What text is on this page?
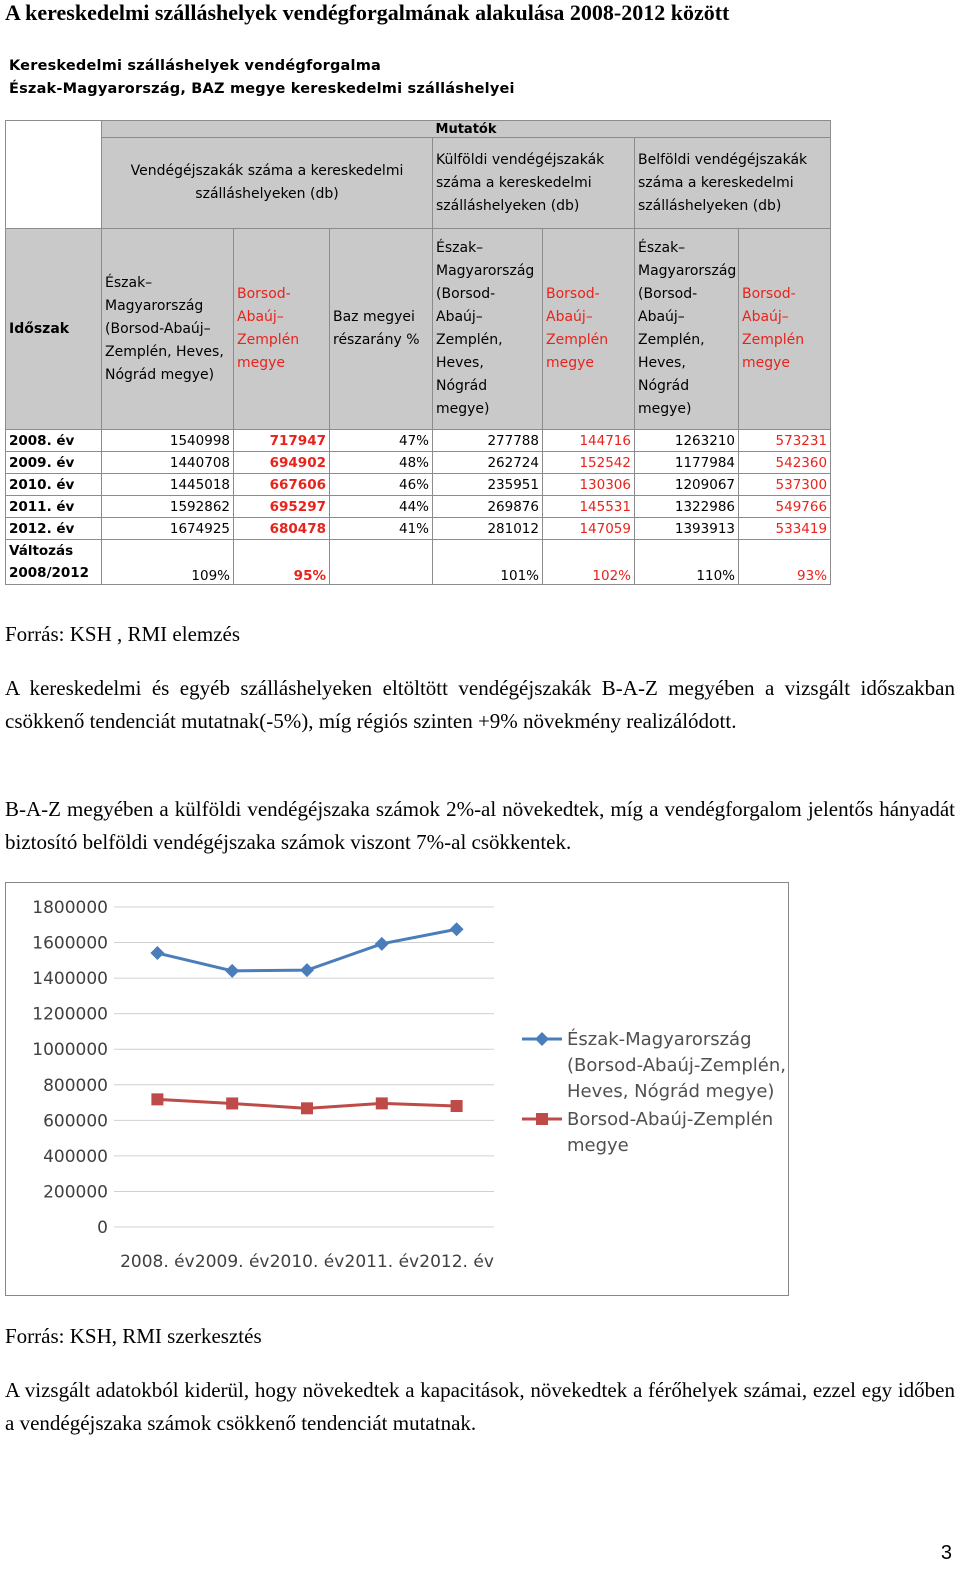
A kereskedelmi szálláshelyek vendégforgalmának alakulása 2008-2012 között
Kereskedelmi szálláshelyek vendégforgalma
Észak-Magyarország, BAZ megye kereskedelmi szálláshelyei
	Mutatók						
	Vendégéjszakák száma a kereskedelmi szálláshelyeken (db)			Külföldi vendégéjszakák száma a kereskedelmi szálláshelyeken (db)		Belföldi vendégéjszakák száma a kereskedelmi szálláshelyeken (db)	
Időszak	Észak–Magyarország (Borsod-Abaúj–Zemplén, Heves, Nógrád megye)	Borsod-Abaúj–Zemplén megye	Baz megyei részarány %	Észak–Magyarország (Borsod-Abaúj–Zemplén, Heves, Nógrád megye)	Borsod-Abaúj–Zemplén megye	Észak–Magyarország (Borsod-Abaúj–Zemplén, Heves, Nógrád megye)	Borsod-Abaúj–Zemplén megye
2008. év	1540998	717947	47%	277788	144716	1263210	573231
2009. év	1440708	694902	48%	262724	152542	1177984	542360
2010. év	1445018	667606	46%	235951	130306	1209067	537300
2011. év	1592862	695297	44%	269876	145531	1322986	549766
2012. év	1674925	680478	41%	281012	147059	1393913	533419
Változás
2008/2012	109%	95%		101%	102%	110%	93%
Forrás: KSH , RMI elemzés
A kereskedelmi és egyéb szálláshelyeken eltöltött vendégéjszakák B-A-Z megyében a vizsgált időszakban csökkenő tendenciát mutatnak(-5%), míg régiós szinten +9% növekmény realizálódott.
B-A-Z megyében a külföldi vendégéjszaka számok 2%-al növekedtek, míg a vendégforgalom jelentős hányadát biztosító belföldi vendégéjszaka számok viszont 7%-al csökkentek.
1800000
1600000
1400000
1200000
1000000
800000
600000
400000
200000
0
2008. év 2009. év 2010. év 2011. év 2012. év
Észak-Magyarország (Borsod-Abaúj-Zemplén, Heves, Nógrád megye)
Borsod-Abaúj-Zemplén megye
Forrás: KSH, RMI szerkesztés
A vizsgált adatokból kiderül, hogy növekedtek a kapacitások, növekedtek a férőhelyek számai, ezzel egy időben a vendégéjszaka számok csökkenő tendenciát mutatnak.
3
